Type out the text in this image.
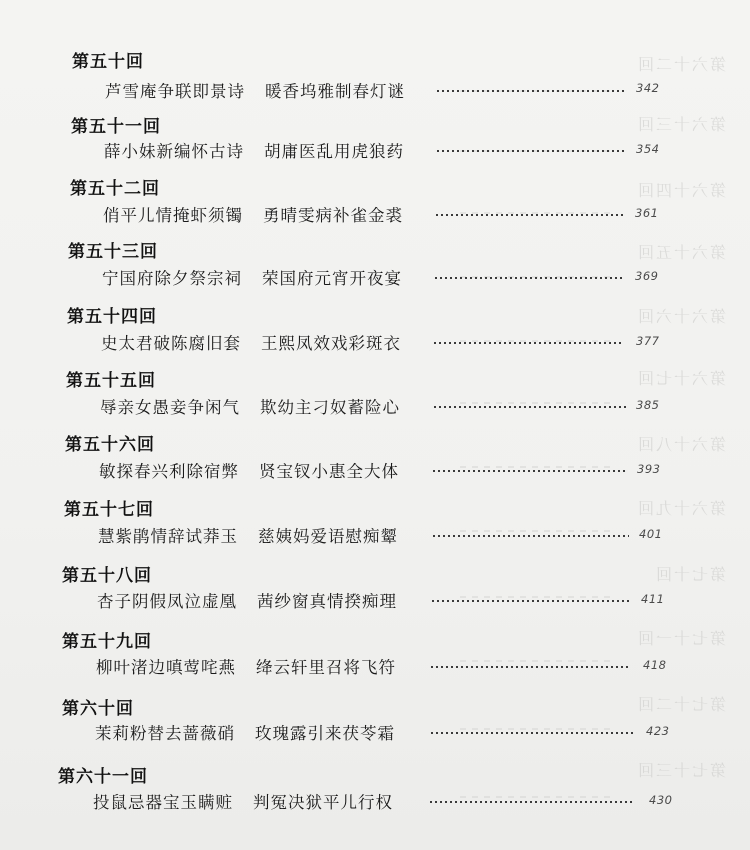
第六十二回
第六十三回
第六十四回
第六十五回
第六十六回
第六十七回
第六十八回
第六十九回
第七十回
第七十一回
第七十二回
第七十三回
第五十回
芦雪庵争联即景诗 暖香坞雅制春灯谜	342
第五十一回
薛小妹新编怀古诗 胡庸医乱用虎狼药	354
第五十二回
俏平儿情掩虾须镯 勇晴雯病补雀金裘	361
第五十三回
宁国府除夕祭宗祠 荣国府元宵开夜宴	369
第五十四回
史太君破陈腐旧套 王熙凤效戏彩斑衣	377
第五十五回
辱亲女愚妾争闲气 欺幼主刁奴蓄险心	385
第五十六回
敏探春兴利除宿弊 贤宝钗小惠全大体	393
第五十七回
慧紫鹃情辞试莽玉 慈姨妈爱语慰痴颦	401
第五十八回
杏子阴假凤泣虚凰 茜纱窗真情揆痴理	411
第五十九回
柳叶渚边嗔莺咤燕 绛云轩里召将飞符	418
第六十回
茉莉粉替去蔷薇硝 玫瑰露引来茯苓霜	423
第六十一回
投鼠忌器宝玉瞒赃 判冤决狱平儿行权	430
